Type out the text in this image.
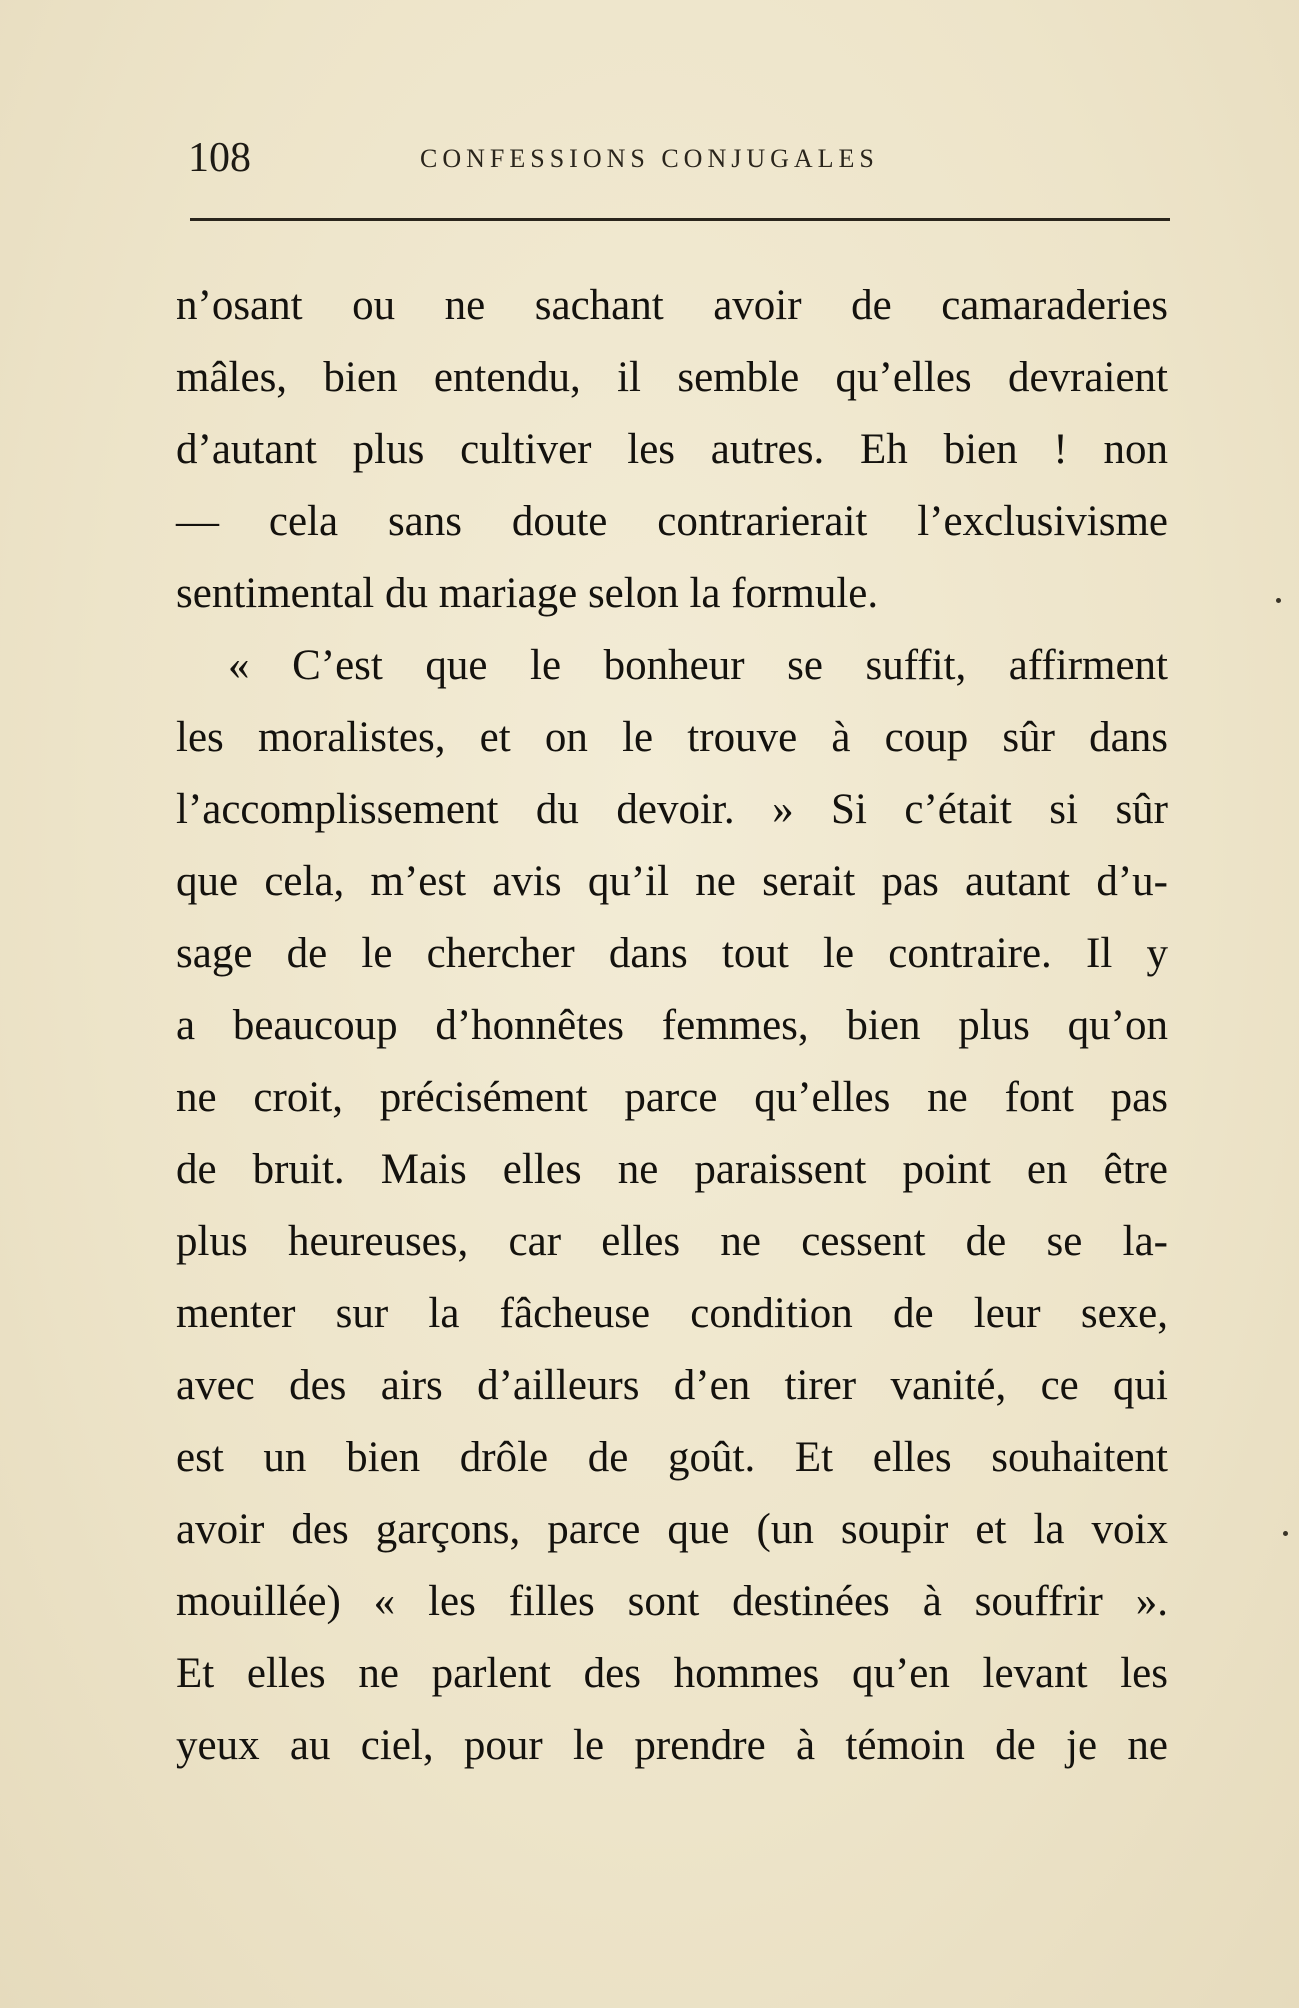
108	CONFESSIONS CONJUGALES
n’osant ou ne sachant avoir de camaraderies
mâles, bien entendu, il semble qu’elles devraient
d’autant plus cultiver les autres. Eh bien ! non
— cela sans doute contrarierait l’exclusivisme
sentimental du mariage selon la formule.
« C’est que le bonheur se suffit, affirment
les moralistes, et on le trouve à coup sûr dans
l’accomplissement du devoir. » Si c’était si sûr
que cela, m’est avis qu’il ne serait pas autant d’u-
sage de le chercher dans tout le contraire. Il y
a beaucoup d’honnêtes femmes, bien plus qu’on
ne croit, précisément parce qu’elles ne font pas
de bruit. Mais elles ne paraissent point en être
plus heureuses, car elles ne cessent de se la-
menter sur la fâcheuse condition de leur sexe,
avec des airs d’ailleurs d’en tirer vanité, ce qui
est un bien drôle de goût. Et elles souhaitent
avoir des garçons, parce que (un soupir et la voix
mouillée) « les filles sont destinées à souffrir ».
Et elles ne parlent des hommes qu’en levant les
yeux au ciel, pour le prendre à témoin de je ne
